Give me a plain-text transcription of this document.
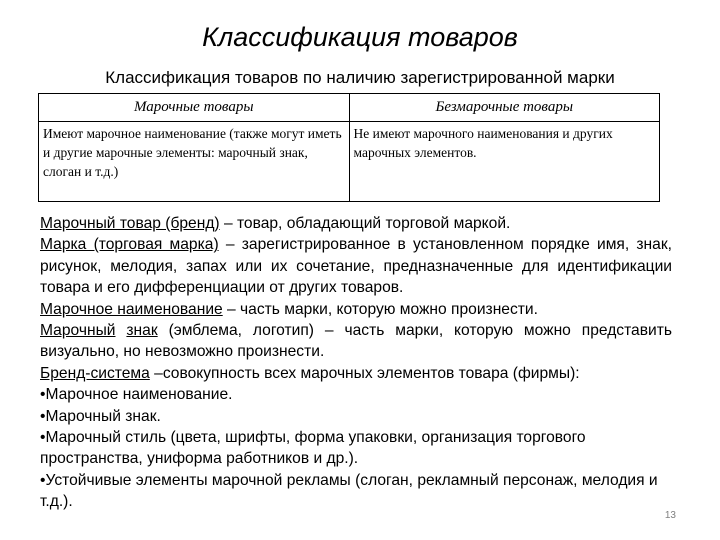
Классификация товаров
Классификация товаров по наличию зарегистрированной марки
Марочные товары	Безмарочные товары
Имеют марочное наименование (также могут иметь и другие марочные элементы: марочный знак, слоган и т.д.)	Не имеют марочного наименования и других марочных элементов.

Марочный товар (бренд) – товар, обладающий торговой маркой.

Марка (торговая марка) – зарегистрированное в установленном порядке имя, знак, рисунок, мелодия, запах или их сочетание, предназначенные для идентификации товара и его дифференциации от других товаров.

Марочное наименование – часть марки, которую можно произнести.

Марочный знак (эмблема, логотип) – часть марки, которую можно представить визуально, но невозможно произнести.

Бренд-система –совокупность всех марочных элементов товара (фирмы):

•Марочное наименование.

•Марочный знак.

•Марочный стиль (цвета, шрифты, форма упаковки, организация торгового пространства, униформа работников и др.).

•Устойчивые элементы марочной рекламы (слоган, рекламный персонаж, мелодия и т.д.).

13
